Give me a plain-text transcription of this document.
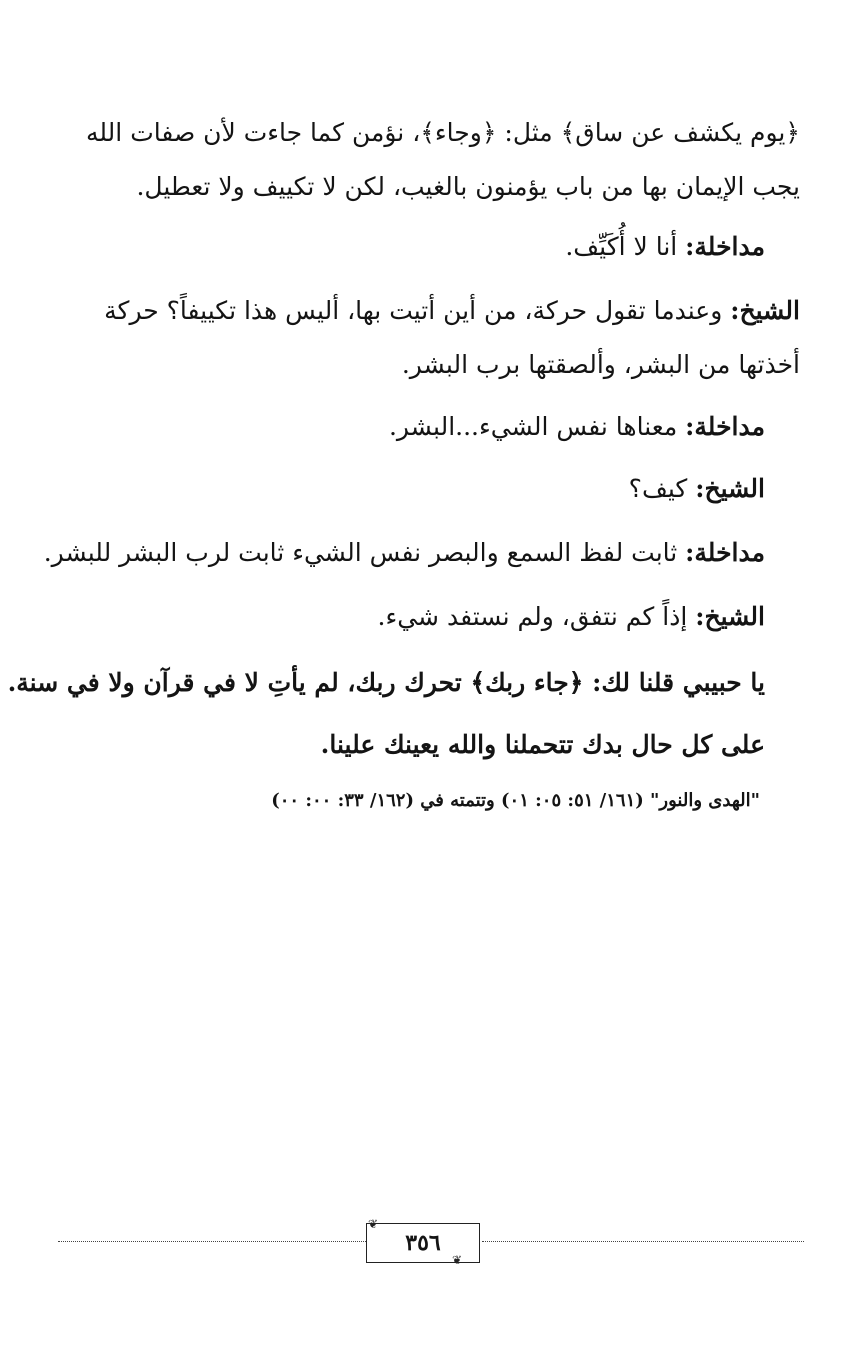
﴿يوم يكشف عن ساق﴾ مثل: ﴿وجاء﴾، نؤمن كما جاءت لأن صفات الله
يجب الإيمان بها من باب يؤمنون بالغيب، لكن لا تكييف ولا تعطيل.
مداخلة: أنا لا أُكَيِّف.
الشيخ: وعندما تقول حركة، من أين أتيت بها، أليس هذا تكييفاً؟ حركة
أخذتها من البشر، وألصقتها برب البشر.
مداخلة: معناها نفس الشيء...البشر.
الشيخ: كيف؟
مداخلة: ثابت لفظ السمع والبصر نفس الشيء ثابت لرب البشر للبشر.
الشيخ: إذاً كم نتفق، ولم نستفد شيء.
يا حبيبي قلنا لك: ﴿جاء ربك﴾ تحرك ربك، لم يأتِ لا في قرآن ولا في سنة.
على كل حال بدك تتحملنا والله يعينك علينا.
"الهدى والنور" (١٦١/ ٥١: ٠٥: ٠١) وتتمته في (١٦٢/ ٣٣: ٠٠: ٠٠)
٣٥٦
❦
❦
